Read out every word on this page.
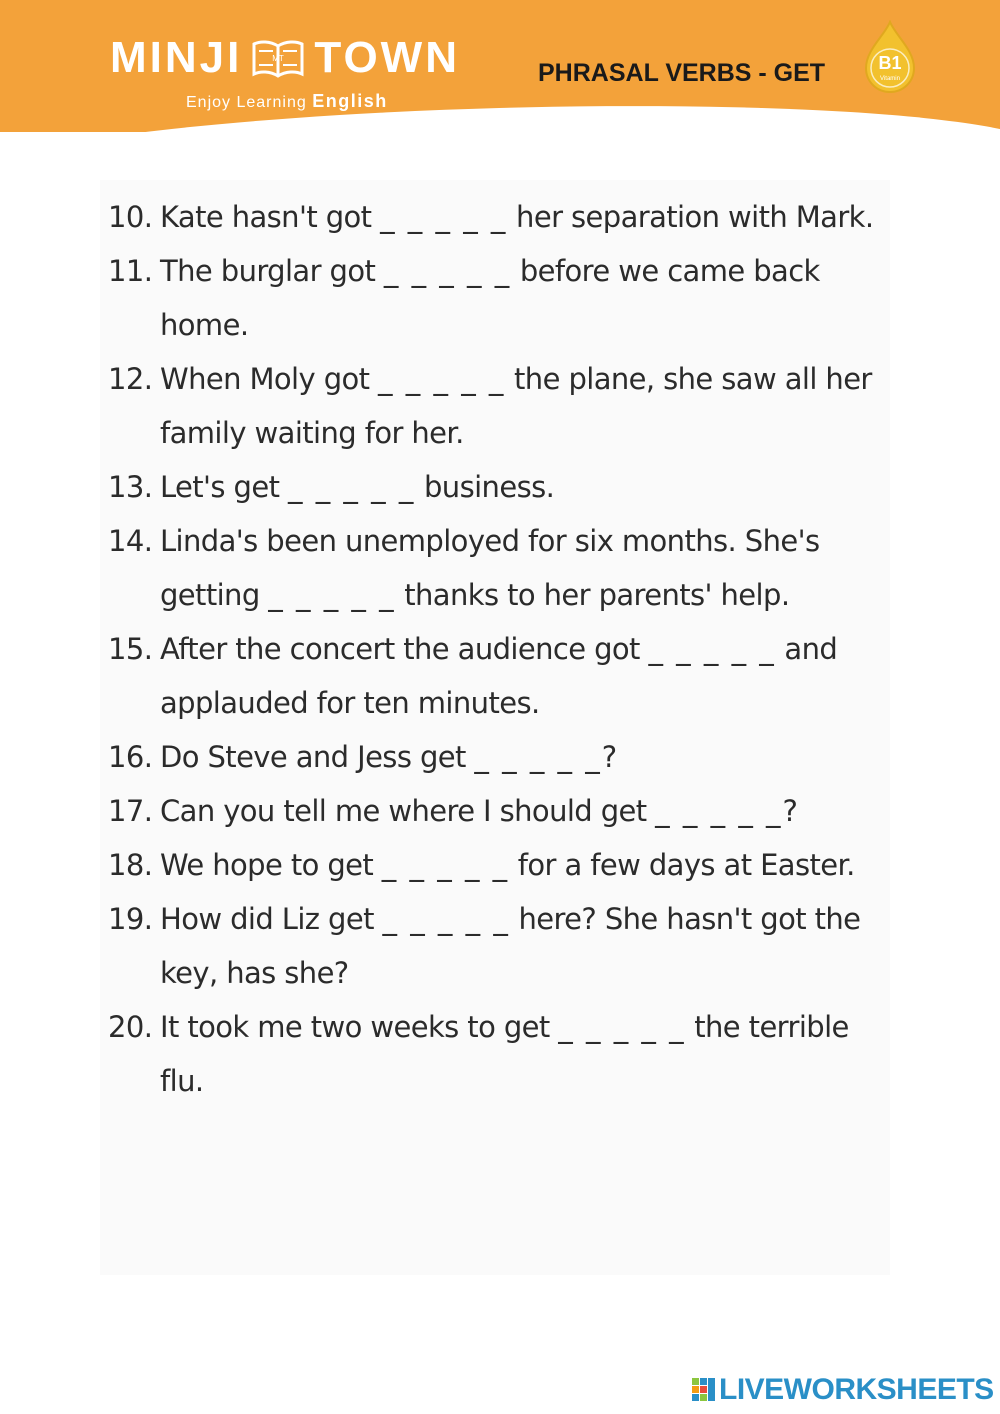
MINJI	MT TOWN
Enjoy Learning English
PHRASAL VERBS - GET	B1
Vitamin
10. Kate hasn't got _ _ _ _ _ her separation with Mark.
11. The burglar got _ _ _ _ _ before we came back home.
12. When Moly got _ _ _ _ _ the plane, she saw all her family waiting for her.
13. Let's get _ _ _ _ _ business.
14. Linda's been unemployed for six months. She's getting _ _ _ _ _ thanks to her parents' help.
15. After the concert the audience got _ _ _ _ _ and applauded for ten minutes.
16. Do Steve and Jess get _ _ _ _ _?
17. Can you tell me where I should get _ _ _ _ _?
18. We hope to get _ _ _ _ _ for a few days at Easter.
19. How did Liz get _ _ _ _ _ here? She hasn't got the key, has she?
20. It took me two weeks to get _ _ _ _ _ the terrible flu.
LIVEWORKSHEETS
